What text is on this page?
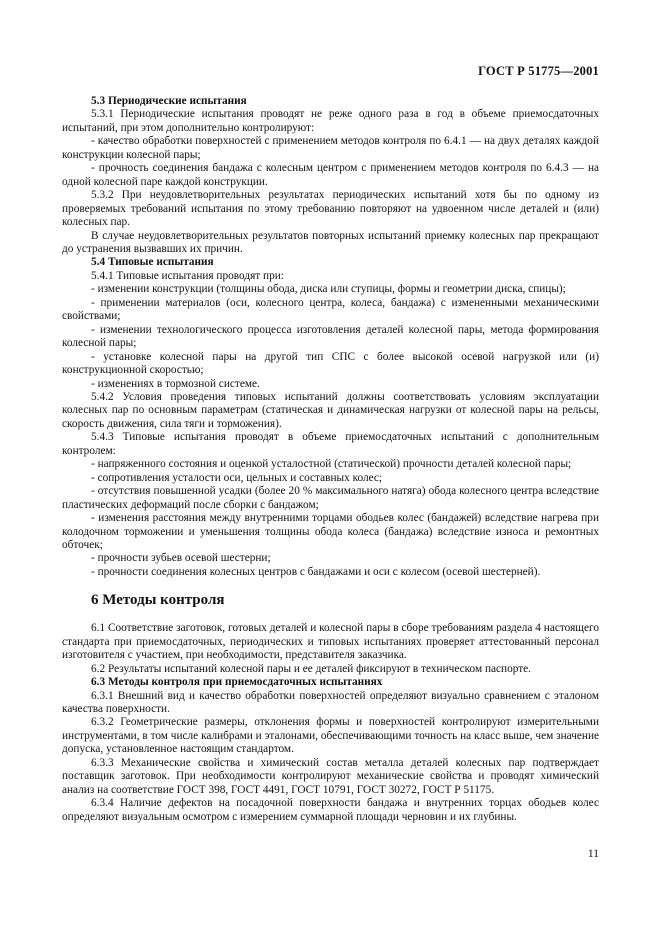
ГОСТ Р 51775—2001
5.3 Периодические испытания

5.3.1 Периодические испытания проводят не реже одного раза в год в объеме приемосдаточных испытаний, при этом дополнительно контролируют:

- качество обработки поверхностей с применением методов контроля по 6.4.1 — на двух деталях каждой конструкции колесной пары;

- прочность соединения бандажа с колесным центром с применением методов контроля по 6.4.3 — на одной колесной паре каждой конструкции.

5.3.2 При неудовлетворительных результатах периодических испытаний хотя бы по одному из проверяемых требований испытания по этому требованию повторяют на удвоенном числе деталей и (или) колесных пар.

В случае неудовлетворительных результатов повторных испытаний приемку колесных пар прекращают до устранения вызвавших их причин.

5.4 Типовые испытания

5.4.1 Типовые испытания проводят при:

- изменении конструкции (толщины обода, диска или ступицы, формы и геометрии диска, спицы);

- применении материалов (оси, колесного центра, колеса, бандажа) с измененными механическими свойствами;

- изменении технологического процесса изготовления деталей колесной пары, метода формирования колесной пары;

- установке колесной пары на другой тип СПС с более высокой осевой нагрузкой или (и) конструкционной скоростью;

- изменениях в тормозной системе.

5.4.2 Условия проведения типовых испытаний должны соответствовать условиям эксплуатации колесных пар по основным параметрам (статическая и динамическая нагрузки от колесной пары на рельсы, скорость движения, сила тяги и торможения).

5.4.3 Типовые испытания проводят в объеме приемосдаточных испытаний с дополнительным контролем:

- напряженного состояния и оценкой усталостной (статической) прочности деталей колесной пары;

- сопротивления усталости оси, цельных и составных колес;

- отсутствия повышенной усадки (более 20 % максимального натяга) обода колесного центра вследствие пластических деформаций после сборки с бандажом;

- изменения расстояния между внутренними торцами ободьев колес (бандажей) вследствие нагрева при колодочном торможении и уменьшения толщины обода колеса (бандажа) вследствие износа и ремонтных обточек;

- прочности зубьев осевой шестерни;

- прочности соединения колесных центров с бандажами и оси с колесом (осевой шестерней).

6 Методы контроля

6.1 Соответствие заготовок, готовых деталей и колесной пары в сборе требованиям раздела 4 настоящего стандарта при приемосдаточных, периодических и типовых испытаниях проверяет аттестованный персонал изготовителя с участием, при необходимости, представителя заказчика.

6.2 Результаты испытаний колесной пары и ее деталей фиксируют в техническом паспорте.

6.3 Методы контроля при приемосдаточных испытаниях

6.3.1 Внешний вид и качество обработки поверхностей определяют визуально сравнением с эталоном качества поверхности.

6.3.2 Геометрические размеры, отклонения формы и поверхностей контролируют измерительными инструментами, в том числе калибрами и эталонами, обеспечивающими точность на класс выше, чем значение допуска, установленное настоящим стандартом.

6.3.3 Механические свойства и химический состав металла деталей колесных пар подтверждает поставщик заготовок. При необходимости контролируют механические свойства и проводят химический анализ на соответствие ГОСТ 398, ГОСТ 4491, ГОСТ 10791, ГОСТ 30272, ГОСТ Р 51175.

6.3.4 Наличие дефектов на посадочной поверхности бандажа и внутренних торцах ободьев колес определяют визуальным осмотром с измерением суммарной площади черновин и их глубины.

11
